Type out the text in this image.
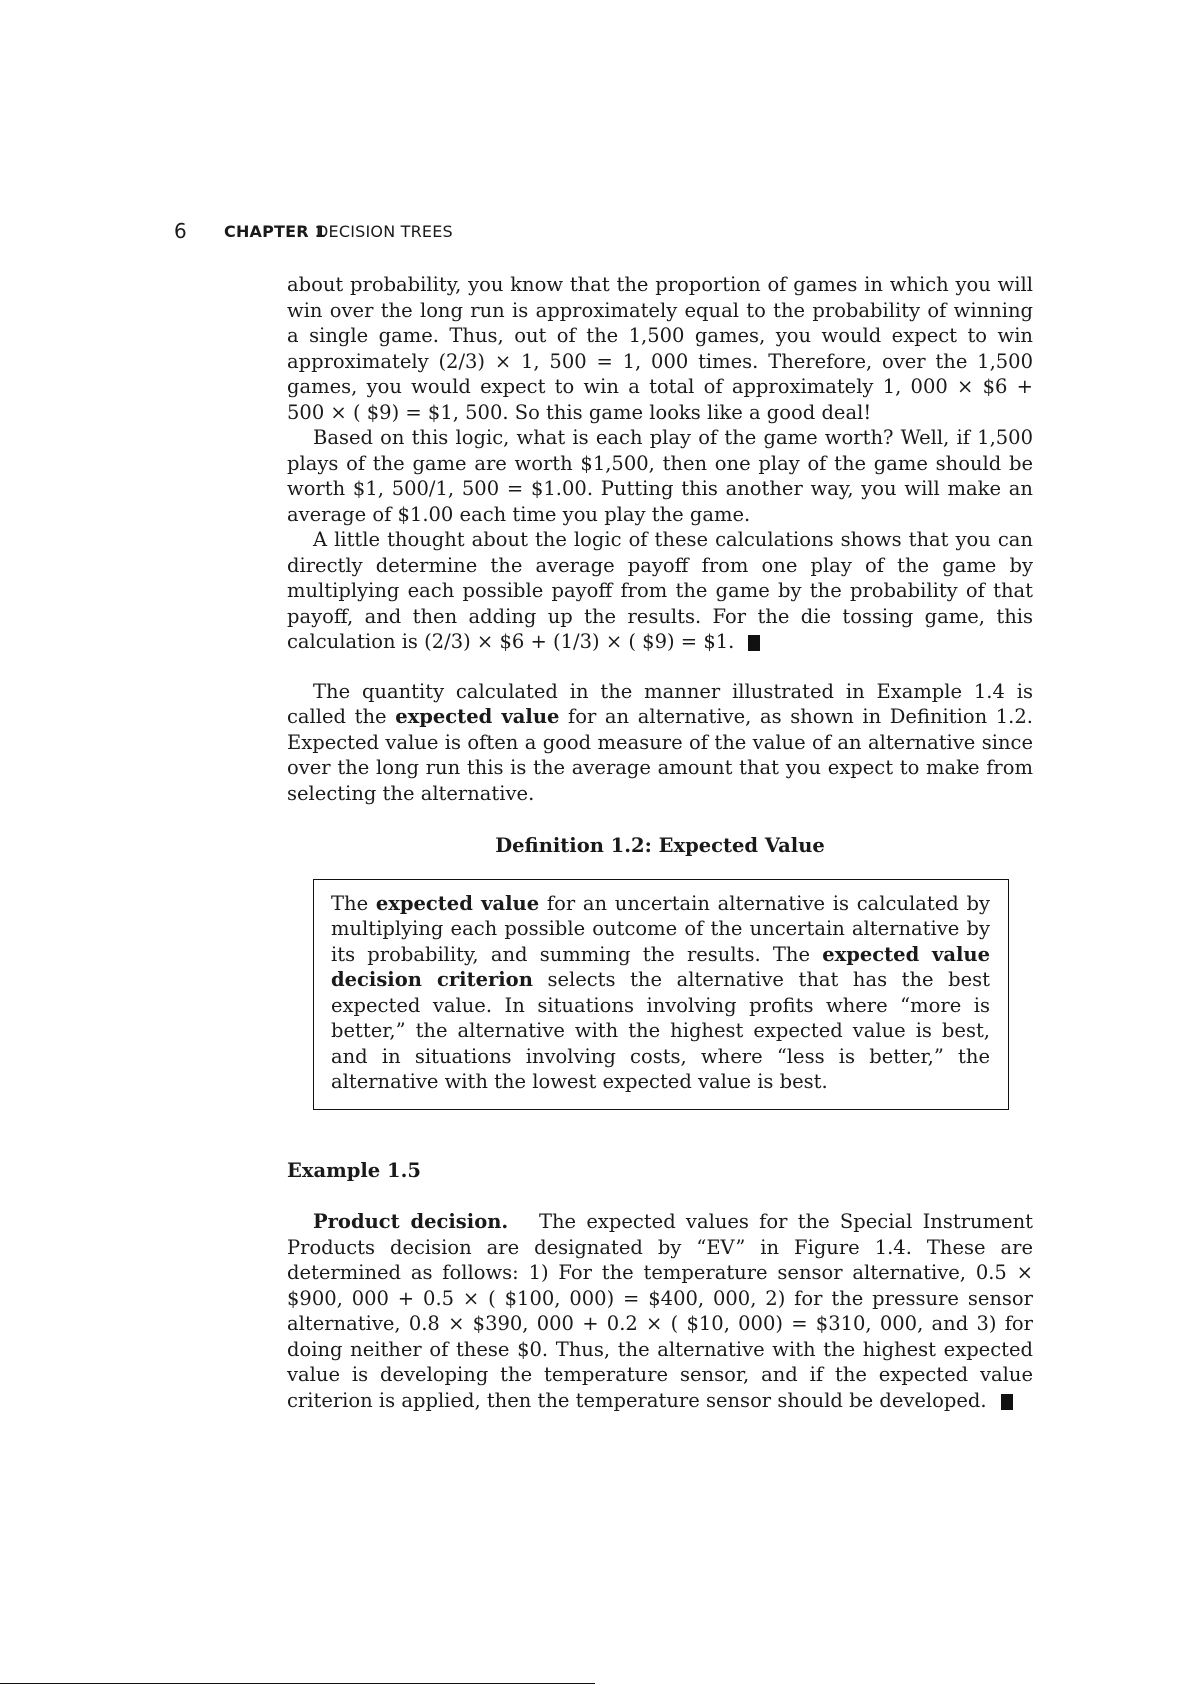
6 CHAPTER 1
DECISION TREES

about probability, you know that the proportion of games in which you will win over the long run is approximately equal to the probability of winning a single game. Thus, out of the 1,500 games, you would expect to win approximately (2/3) × 1, 500 = 1, 000 times. Therefore, over the 1,500 games, you would expect to win a total of approximately 1, 000 × $6 + 500 × ( $9) = $1, 500. So this game looks like a good deal!

Based on this logic, what is each play of the game worth? Well, if 1,500 plays of the game are worth $1,500, then one play of the game should be worth $1, 500/1, 500 = $1.00. Putting this another way, you will make an average of $1.00 each time you play the game.

A little thought about the logic of these calculations shows that you can directly determine the average payoff from one play of the game by multiplying each possible payoff from the game by the probability of that payoff, and then adding up the results. For the die tossing game, this calculation is (2/3) × $6 + (1/3) × ( $9) = $1.

The quantity calculated in the manner illustrated in Example 1.4 is called the expected value for an alternative, as shown in Definition 1.2. Expected value is often a good measure of the value of an alternative since over the long run this is the average amount that you expect to make from selecting the alternative.

Definition 1.2: Expected Value

The expected value for an uncertain alternative is calculated by multiplying each possible outcome of the uncertain alternative by its probability, and summing the results. The expected value decision criterion selects the alternative that has the best expected value. In situations involving profits where “more is better,” the alternative with the highest expected value is best, and in situations involving costs, where “less is better,” the alternative with the lowest expected value is best.

Example 1.5

Product decision. The expected values for the Special Instrument Products decision are designated by “EV” in Figure 1.4. These are determined as follows: 1) For the temperature sensor alternative, 0.5 × $900, 000 + 0.5 × ( $100, 000) = $400, 000, 2) for the pressure sensor alternative, 0.8 × $390, 000 + 0.2 × ( $10, 000) = $310, 000, and 3) for doing neither of these $0. Thus, the alternative with the highest expected value is developing the temperature sensor, and if the expected value criterion is applied, then the temperature sensor should be developed.
